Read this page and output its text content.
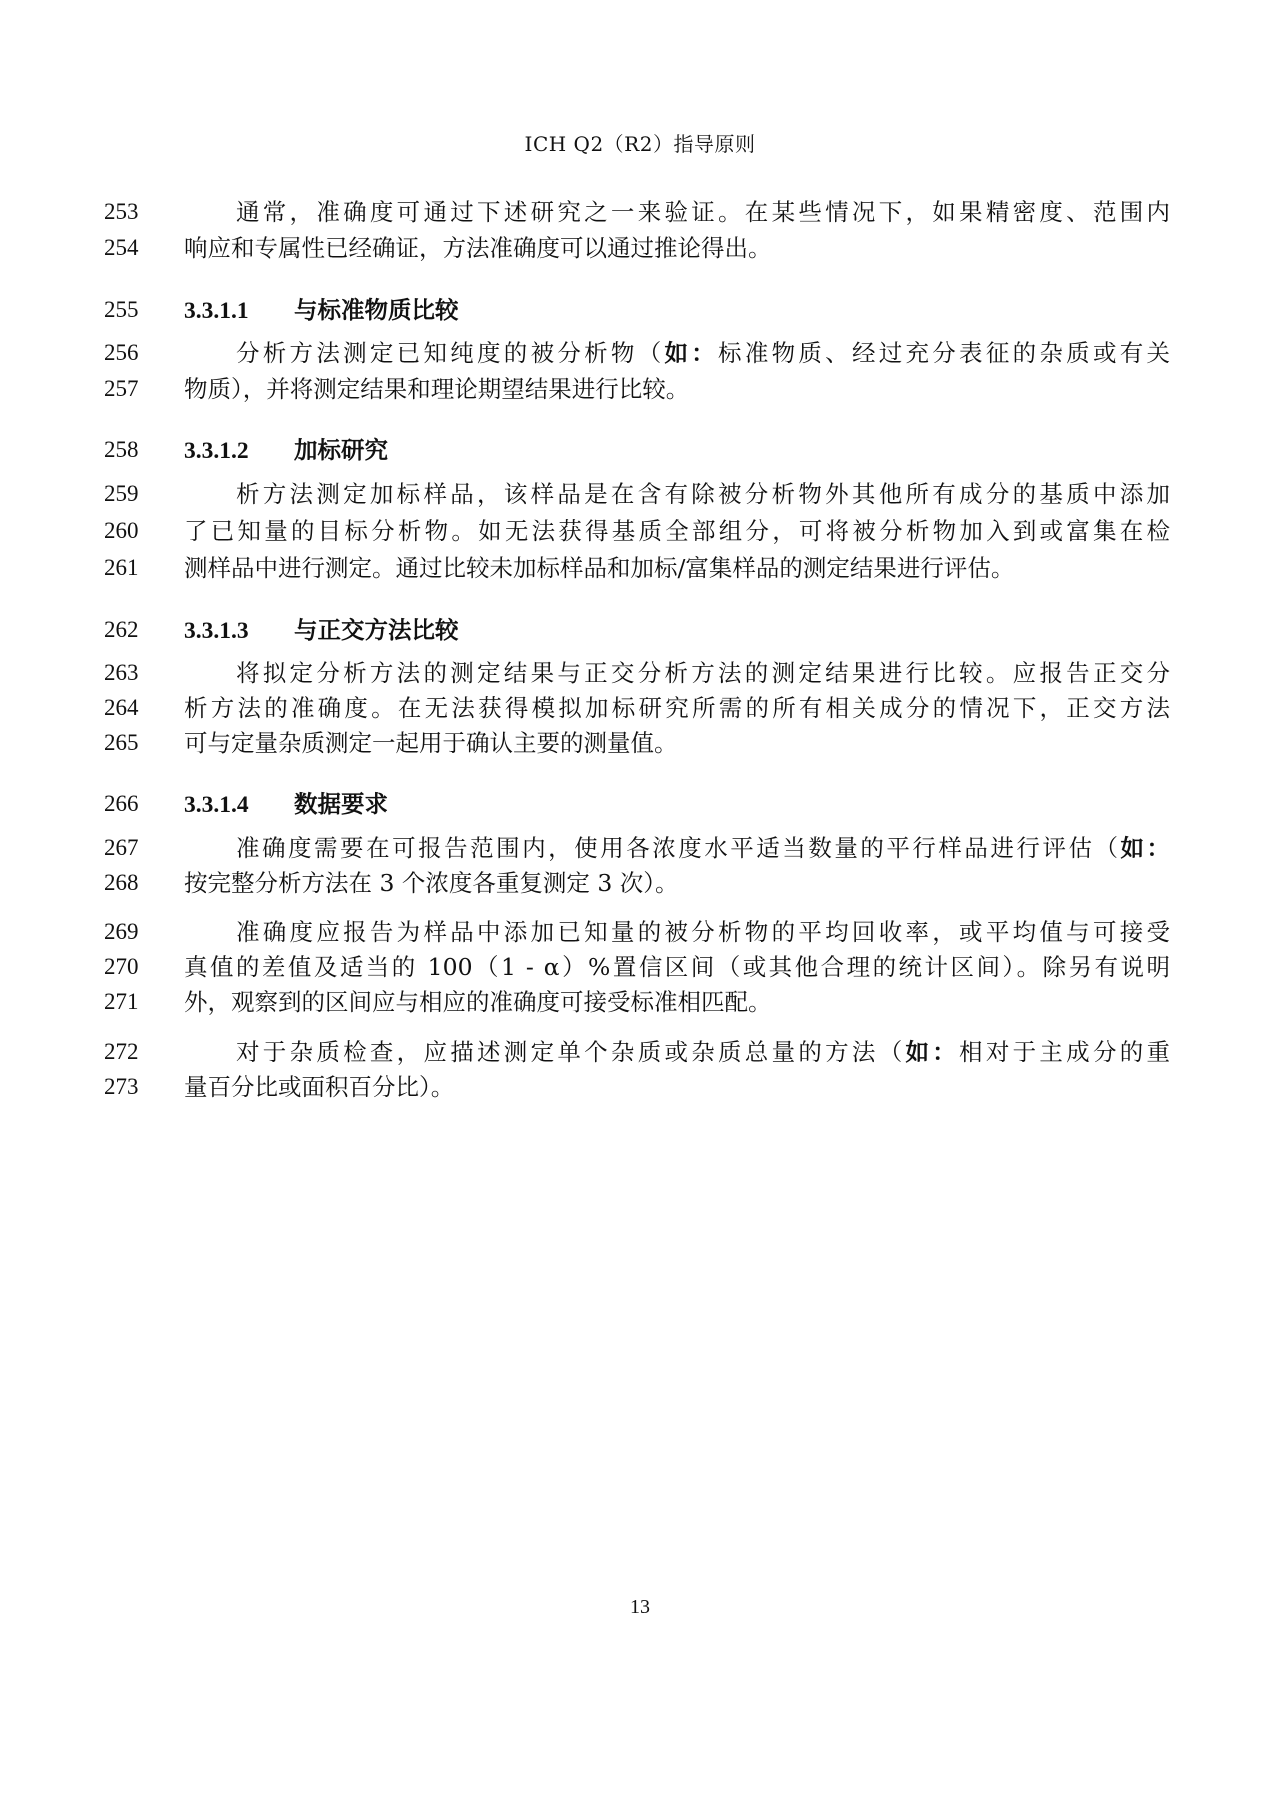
ICH Q2（R2）指导原则
253	通常，准确度可通过下述研究之一来验证。在某些情况下，如果精密度、范围内
254	响应和专属性已经确证，方法准确度可以通过推论得出。
255	3.3.1.1 与标准物质比较
256	分析方法测定已知纯度的被分析物（如：标准物质、经过充分表征的杂质或有关
257	物质），并将测定结果和理论期望结果进行比较。
258	3.3.1.2 加标研究
259	析方法测定加标样品，该样品是在含有除被分析物外其他所有成分的基质中添加
260	了已知量的目标分析物。如无法获得基质全部组分，可将被分析物加入到或富集在检
261	测样品中进行测定。通过比较未加标样品和加标/富集样品的测定结果进行评估。
262	3.3.1.3 与正交方法比较
263	将拟定分析方法的测定结果与正交分析方法的测定结果进行比较。应报告正交分
264	析方法的准确度。在无法获得模拟加标研究所需的所有相关成分的情况下，正交方法
265	可与定量杂质测定一起用于确认主要的测量值。
266	3.3.1.4 数据要求
267	准确度需要在可报告范围内，使用各浓度水平适当数量的平行样品进行评估（如：
268	按完整分析方法在 3 个浓度各重复测定 3 次）。
269	准确度应报告为样品中添加已知量的被分析物的平均回收率，或平均值与可接受
270	真值的差值及适当的 100（1 - α）%置信区间（或其他合理的统计区间）。除另有说明
271	外，观察到的区间应与相应的准确度可接受标准相匹配。
272	对于杂质检查，应描述测定单个杂质或杂质总量的方法（如：相对于主成分的重
273	量百分比或面积百分比）。
13
